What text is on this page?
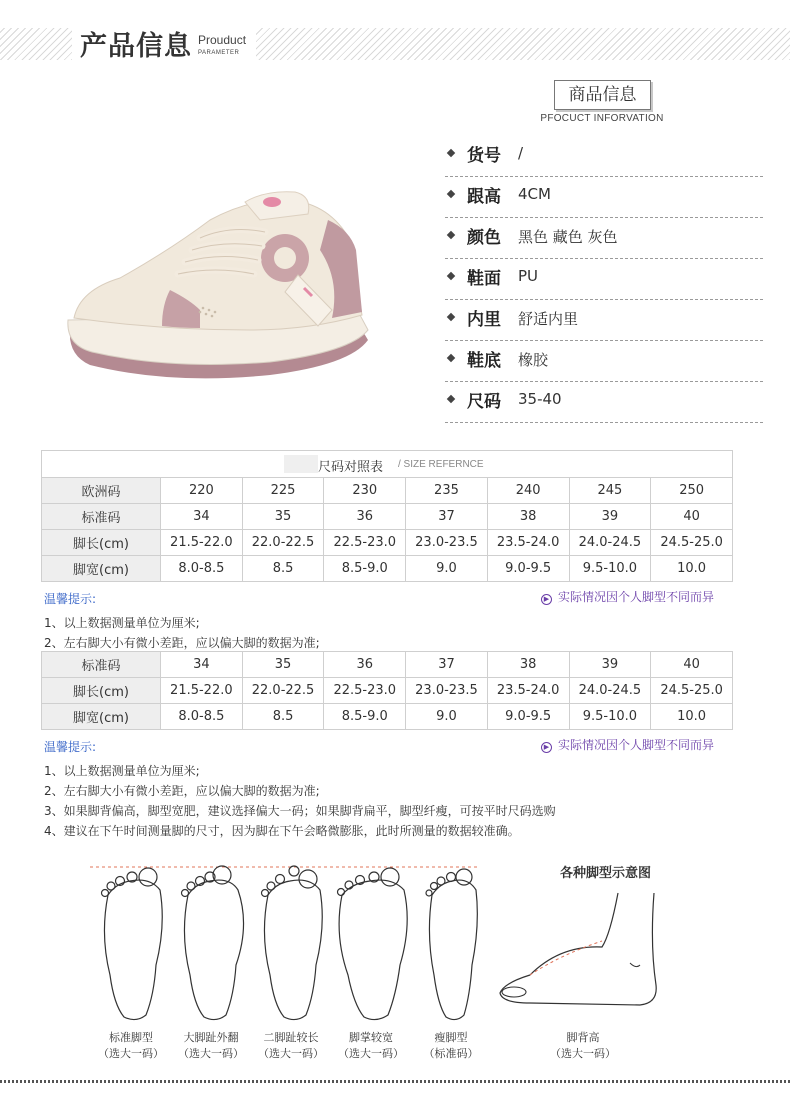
产品信息 Prouduct
PARAMETER
商品信息
PFOCUCT INFORVATION
货号 /
跟高 4CM
颜色 黑色 藏色 灰色
鞋面 PU
内里 舒适内里
鞋底 橡胶
尺码 35-40
尺码对照表 / SIZE REFERNCE
欧洲码	220	225	230	235	240	245	250
标准码	34	35	36	37	38	39	40
脚长(cm)	21.5-22.0	22.0-22.5	22.5-23.0	23.0-23.5	23.5-24.0	24.0-24.5	24.5-25.0
脚宽(cm)	8.0-8.5	8.5	8.5-9.0	9.0	9.0-9.5	9.5-10.0	10.0
温馨提示:	▶ 实际情况因个人脚型不同而异
1、以上数据测量单位为厘米;
2、左右脚大小有微小差距，应以偏大脚的数据为准;
标准码	34	35	36	37	38	39	40
脚长(cm)	21.5-22.0	22.0-22.5	22.5-23.0	23.0-23.5	23.5-24.0	24.0-24.5	24.5-25.0
脚宽(cm)	8.0-8.5	8.5	8.5-9.0	9.0	9.0-9.5	9.5-10.0	10.0
温馨提示:	▶ 实际情况因个人脚型不同而异
1、以上数据测量单位为厘米;
2、左右脚大小有微小差距，应以偏大脚的数据为准;
3、如果脚背偏高，脚型宽肥，建议选择偏大一码；如果脚背扁平，脚型纤瘦，可按平时尺码选购
4、建议在下午时间测量脚的尺寸，因为脚在下午会略微膨胀，此时所测量的数据较准确。
标准脚型
（选大一码）
大脚趾外翻
（选大一码）
二脚趾较长
（选大一码）
脚掌较宽
（选大一码）
瘦脚型
（标准码）
各种脚型示意图
脚背高
（选大一码）
